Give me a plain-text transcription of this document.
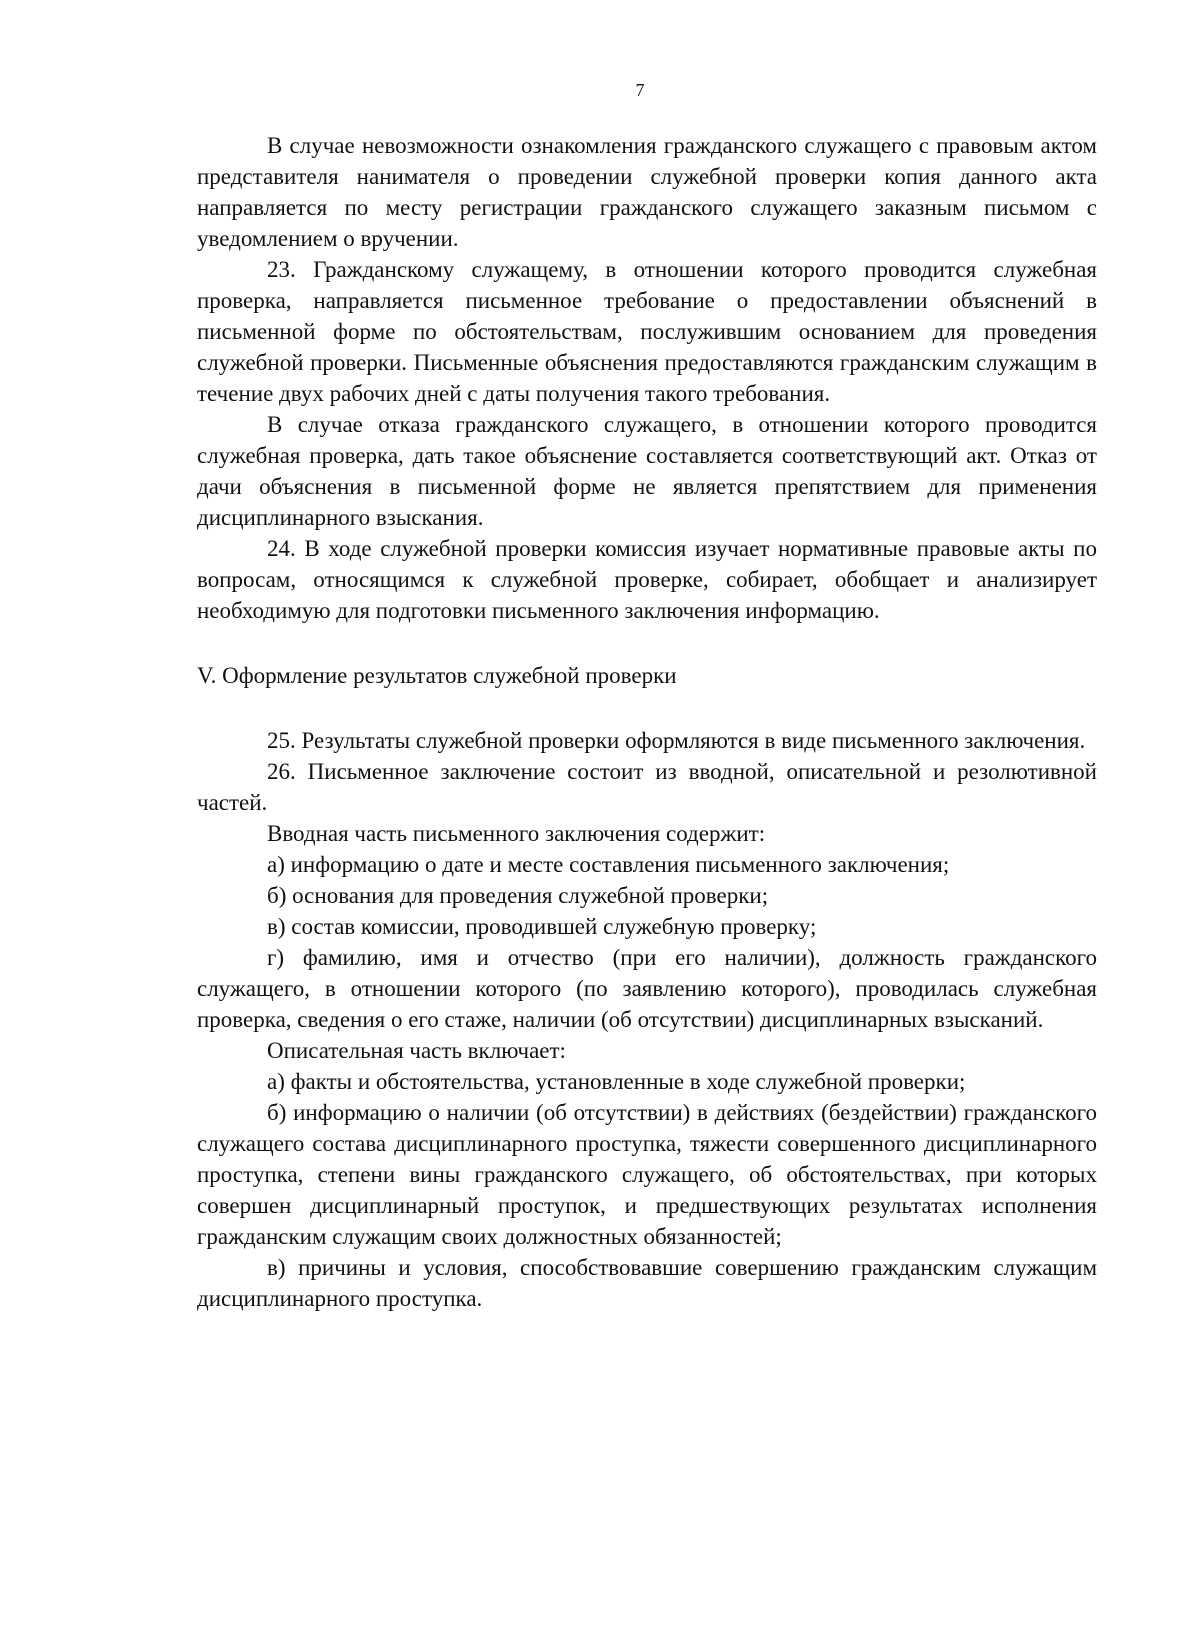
7

В случае невозможности ознакомления гражданского служащего с правовым актом представителя нанимателя о проведении служебной проверки копия данного акта направляется по месту регистрации гражданского служащего заказным письмом с уведомлением о вручении.

23. Гражданскому служащему, в отношении которого проводится служебная проверка, направляется письменное требование о предоставлении объяснений в письменной форме по обстоятельствам, послужившим основанием для проведения служебной проверки. Письменные объяснения предоставляются гражданским служащим в течение двух рабочих дней с даты получения такого требования.

В случае отказа гражданского служащего, в отношении которого проводится служебная проверка, дать такое объяснение составляется соответствующий акт. Отказ от дачи объяснения в письменной форме не является препятствием для применения дисциплинарного взыскания.

24. В ходе служебной проверки комиссия изучает нормативные правовые акты по вопросам, относящимся к служебной проверке, собирает, обобщает и анализирует необходимую для подготовки письменного заключения информацию.

V. Оформление результатов служебной проверки

25. Результаты служебной проверки оформляются в виде письменного заключения.

26. Письменное заключение состоит из вводной, описательной и резолютивной частей.

Вводная часть письменного заключения содержит:

а) информацию о дате и месте составления письменного заключения;

б) основания для проведения служебной проверки;

в) состав комиссии, проводившей служебную проверку;

г) фамилию, имя и отчество (при его наличии), должность гражданского служащего, в отношении которого (по заявлению которого), проводилась служебная проверка, сведения о его стаже, наличии (об отсутствии) дисциплинарных взысканий.

Описательная часть включает:

а) факты и обстоятельства, установленные в ходе служебной проверки;

б) информацию о наличии (об отсутствии) в действиях (бездействии) гражданского служащего состава дисциплинарного проступка, тяжести совершенного дисциплинарного проступка, степени вины гражданского служащего, об обстоятельствах, при которых совершен дисциплинарный проступок, и предшествующих результатах исполнения гражданским служащим своих должностных обязанностей;

в) причины и условия, способствовавшие совершению гражданским служащим дисциплинарного проступка.
